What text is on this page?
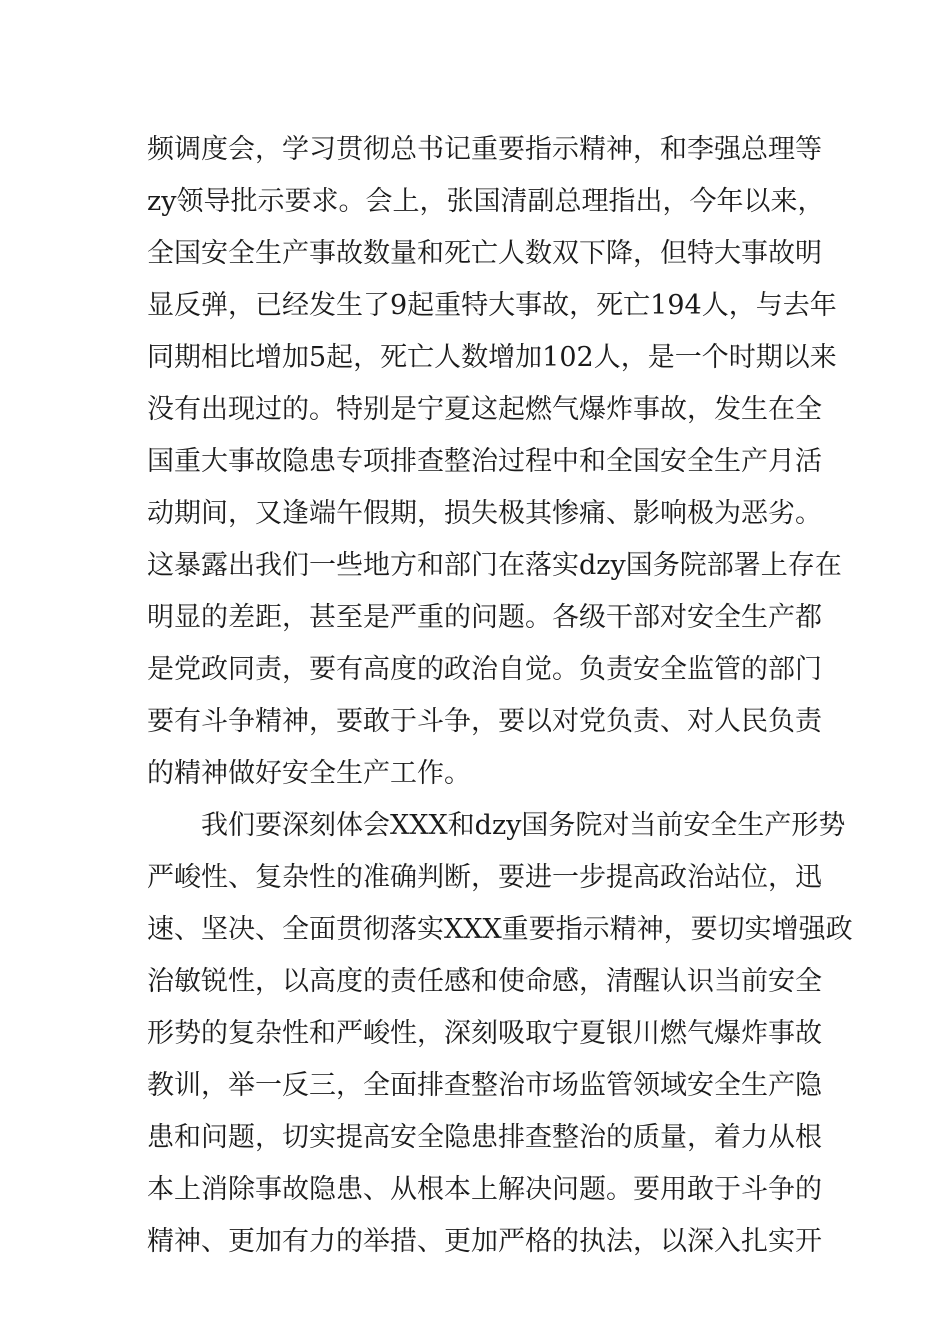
频调度会，学习贯彻总书记重要指示精神，和李强总理等
zy领导批示要求。会上，张国清副总理指出，今年以来，
全国安全生产事故数量和死亡人数双下降，但特大事故明
显反弹，已经发生了9起重特大事故，死亡194人，与去年
同期相比增加5起，死亡人数增加102人，是一个时期以来
没有出现过的。特别是宁夏这起燃气爆炸事故，发生在全
国重大事故隐患专项排查整治过程中和全国安全生产月活
动期间，又逢端午假期，损失极其惨痛、影响极为恶劣。
这暴露出我们一些地方和部门在落实dzy国务院部署上存在
明显的差距，甚至是严重的问题。各级干部对安全生产都
是党政同责，要有高度的政治自觉。负责安全监管的部门
要有斗争精神，要敢于斗争，要以对党负责、对人民负责
的精神做好安全生产工作。
我们要深刻体会XXX和dzy国务院对当前安全生产形势
严峻性、复杂性的准确判断，要进一步提高政治站位，迅
速、坚决、全面贯彻落实XXX重要指示精神，要切实增强政
治敏锐性，以高度的责任感和使命感，清醒认识当前安全
形势的复杂性和严峻性，深刻吸取宁夏银川燃气爆炸事故
教训，举一反三，全面排查整治市场监管领域安全生产隐
患和问题，切实提高安全隐患排查整治的质量，着力从根
本上消除事故隐患、从根本上解决问题。要用敢于斗争的
精神、更加有力的举措、更加严格的执法，以深入扎实开
